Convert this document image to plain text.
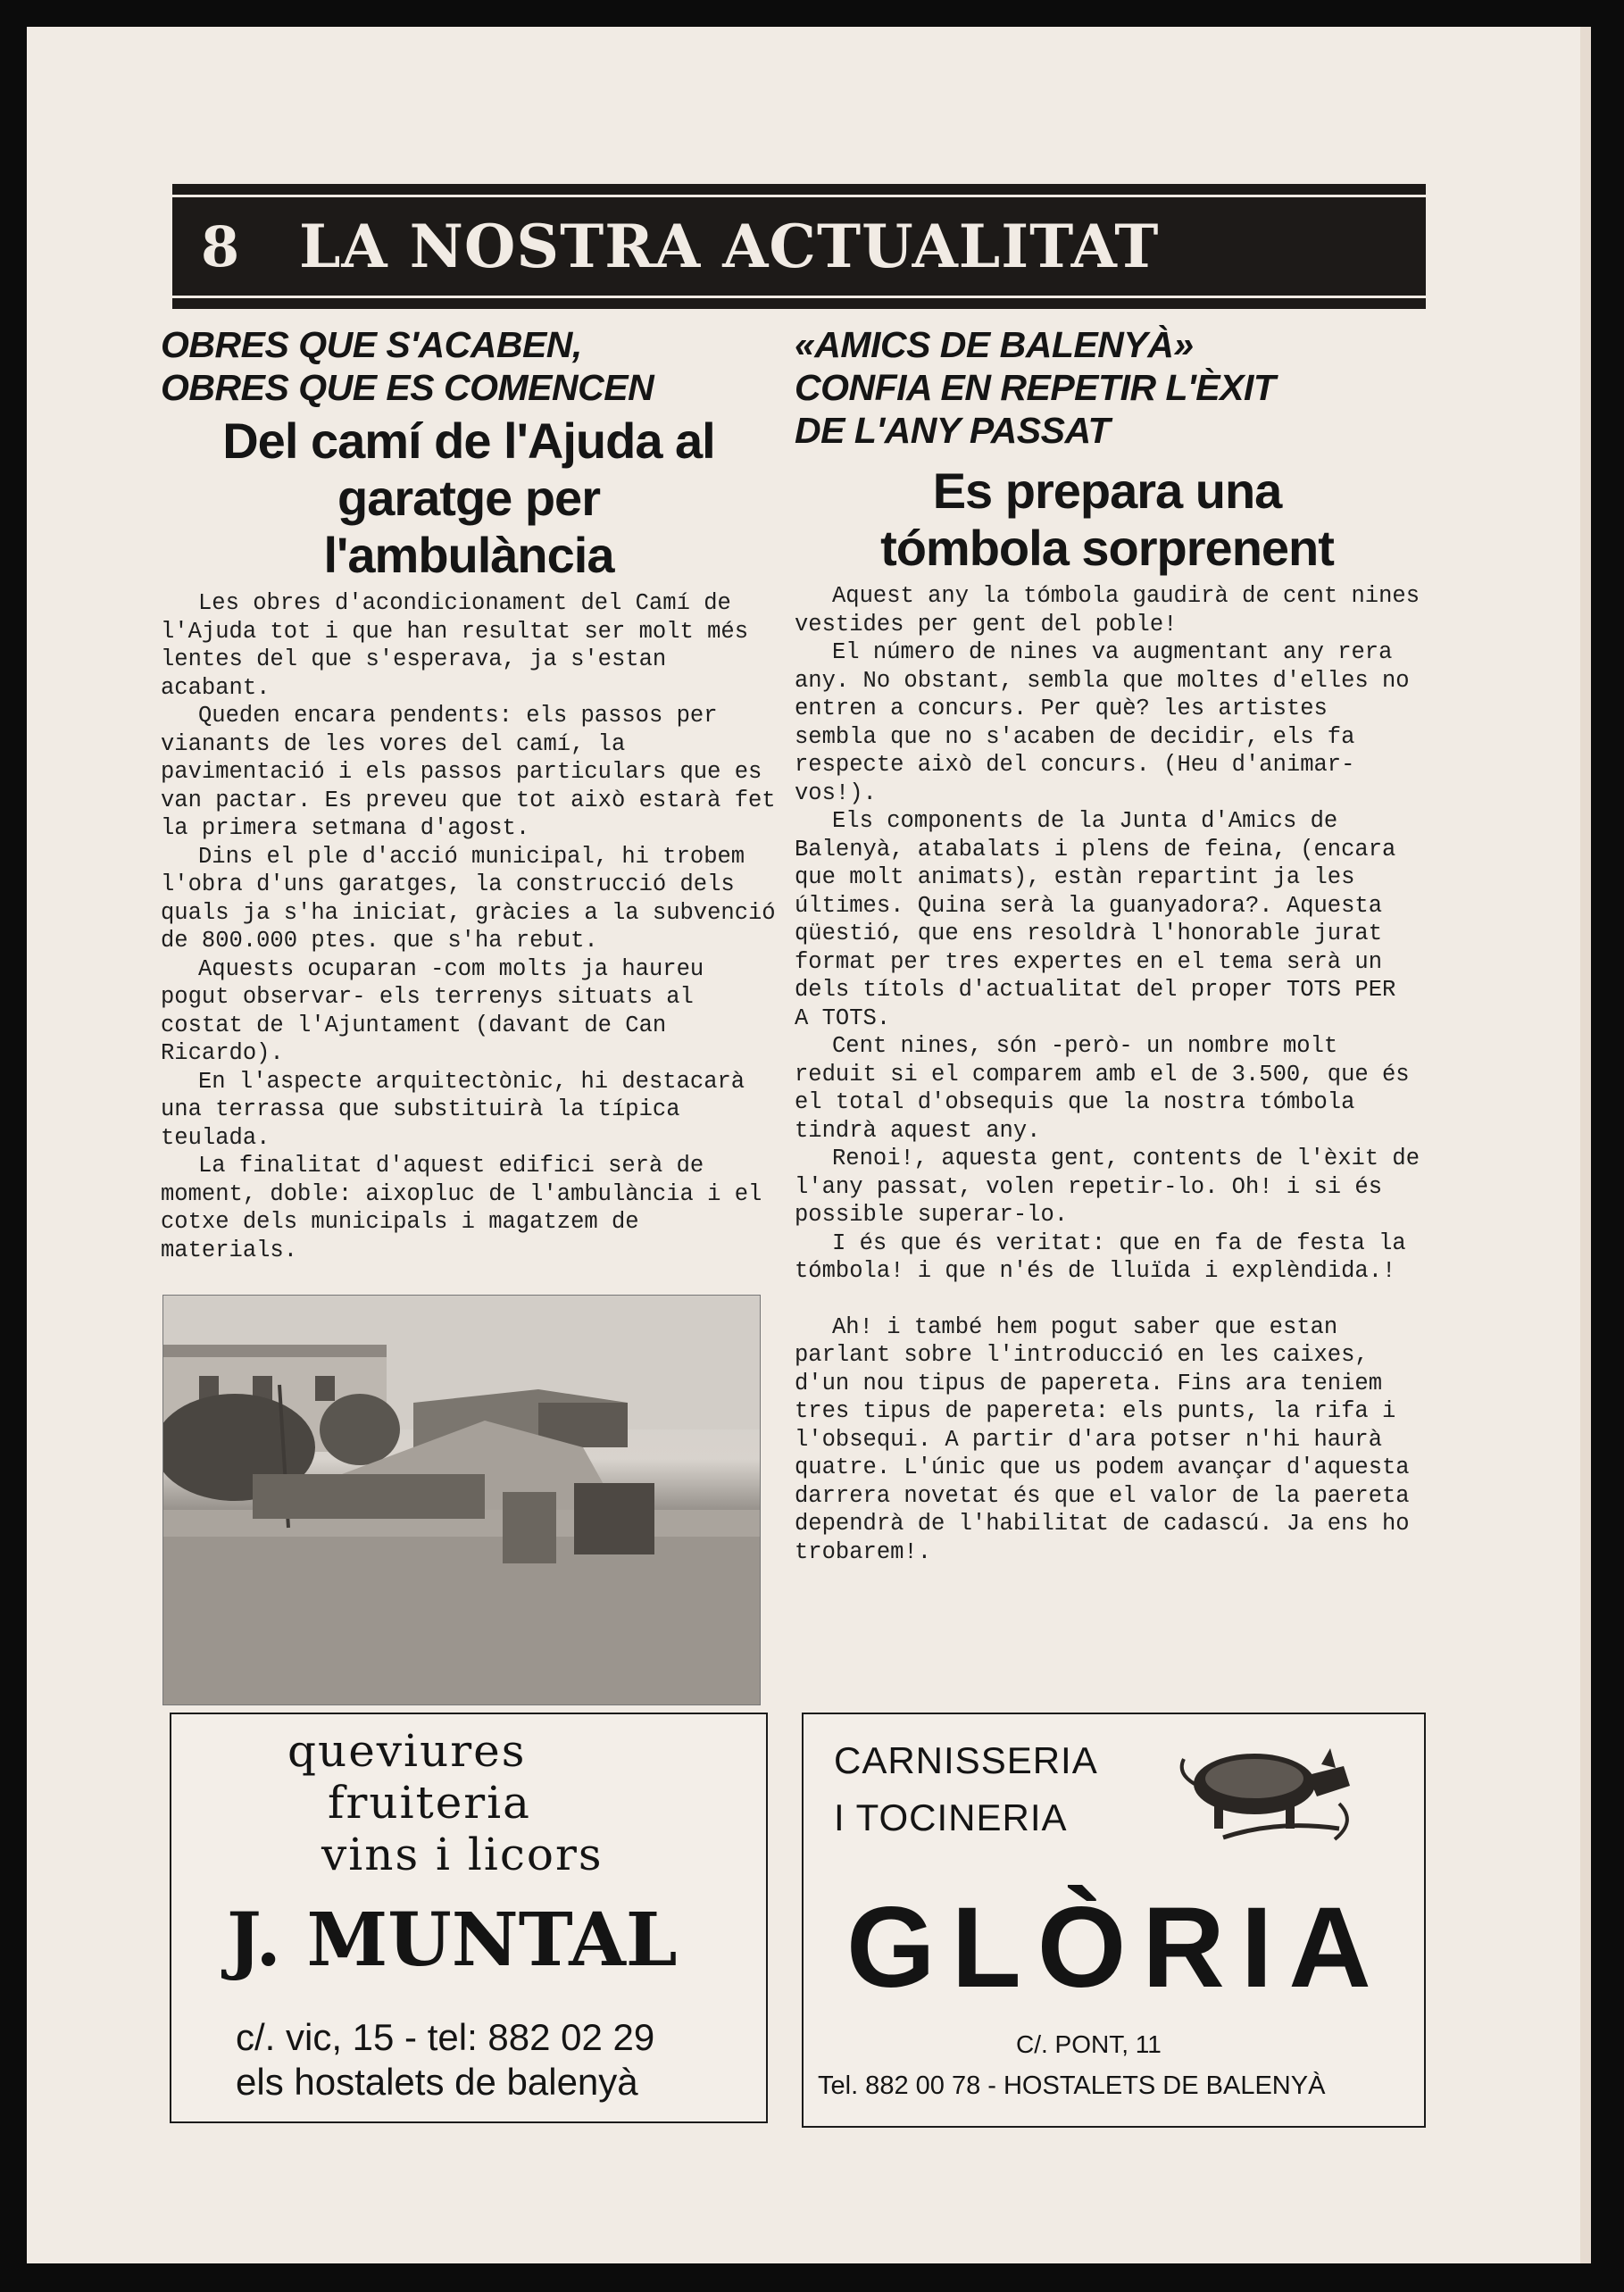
8	LA NOSTRA ACTUALITAT
OBRES QUE S'ACABEN,
OBRES QUE ES COMENCEN
Del camí de l'Ajuda al
garatge per
l'ambulància

Les obres d'acondicionament del Camí de l'Ajuda tot i que han resultat ser molt més lentes del que s'esperava, ja s'estan acabant.

Queden encara pendents: els passos per vianants de les vores del camí, la pavimentació i els passos particulars que es van pactar. Es preveu que tot això estarà fet la primera setmana d'agost.

Dins el ple d'acció municipal, hi trobem l'obra d'uns garatges, la construcció dels quals ja s'ha iniciat, gràcies a la subvenció de 800.000 ptes. que s'ha rebut.

Aquests ocuparan -com molts ja haureu pogut observar- els terrenys situats al costat de l'Ajuntament (davant de Can Ricardo).

En l'aspecte arquitectònic, hi destacarà una terrassa que substituirà la típica teulada.

La finalitat d'aquest edifici serà de moment, doble: aixopluc de l'ambulància i el cotxe dels municipals i magatzem de materials.

«AMICS DE BALENYÀ»
CONFIA EN REPETIR L'ÈXIT
DE L'ANY PASSAT
Es prepara una
tómbola sorprenent

Aquest any la tómbola gaudirà de cent nines vestides per gent del poble!

El número de nines va augmentant any rera any. No obstant, sembla que moltes d'elles no entren a concurs. Per què? les artistes sembla que no s'acaben de decidir, els fa respecte això del concurs. (Heu d'animar-vos!).

Els components de la Junta d'Amics de Balenyà, atabalats i plens de feina, (encara que molt animats), estàn repartint ja les últimes. Quina serà la guanyadora?. Aquesta qüestió, que ens resoldrà l'honorable jurat format per tres expertes en el tema serà un dels títols d'actualitat del proper TOTS PER A TOTS.

Cent nines, són -però- un nombre molt reduit si el comparem amb el de 3.500, que és el total d'obsequis que la nostra tómbola tindrà aquest any.

Renoi!, aquesta gent, contents de l'èxit de l'any passat, volen repetir-lo. Oh! i si és possible superar-lo.

I és que és veritat: que en fa de festa la tómbola! i que n'és de lluïda i explèndida.!

Ah! i també hem pogut saber que estan parlant sobre l'introducció en les caixes, d'un nou tipus de papereta. Fins ara teniem tres tipus de papereta: els punts, la rifa i l'obsequi. A partir d'ara potser n'hi haurà quatre. L'únic que us podem avançar d'aquesta darrera novetat és que el valor de la paereta dependrà de l'habilitat de cadascú. Ja ens ho trobarem!.

queviures
fruiteria
vins i licors
J. MUNTAL
c/. vic, 15 - tel: 882 02 29
els hostalets de balenyà
CARNISSERIA
I TOCINERIA
GLÒRIA
C/. PONT, 11
Tel. 882 00 78 - HOSTALETS DE BALENYÀ
